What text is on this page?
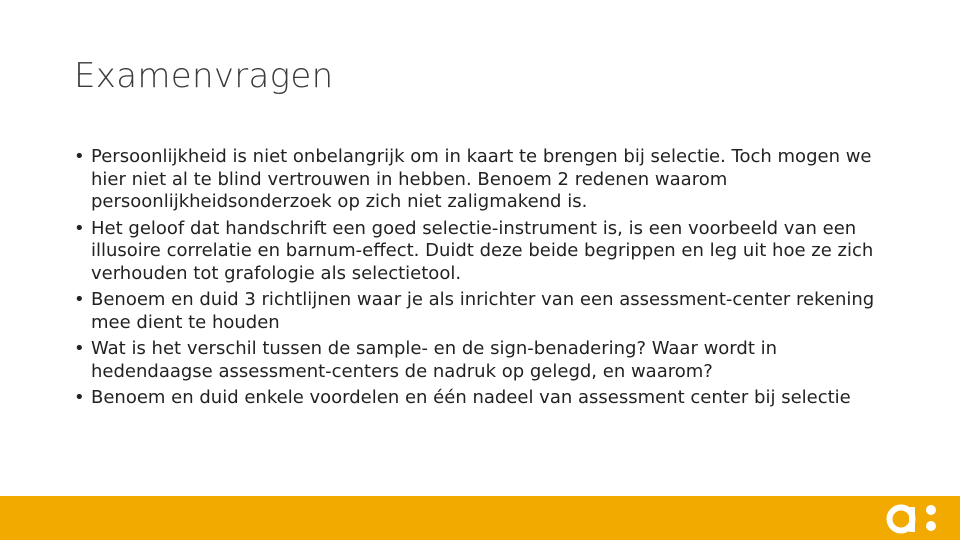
Examenvragen
• Persoonlijkheid is niet onbelangrijk om in kaart te brengen bij selectie. Toch mogen we hier niet al te blind vertrouwen in hebben. Benoem 2 redenen waarom persoonlijkheidsonderzoek op zich niet zaligmakend is.
• Het geloof dat handschrift een goed selectie-instrument is, is een voorbeeld van een illusoire correlatie en barnum-effect. Duidt deze beide begrippen en leg uit hoe ze zich verhouden tot grafologie als selectietool.
• Benoem en duid 3 richtlijnen waar je als inrichter van een assessment-center rekening mee dient te houden
• Wat is het verschil tussen de sample- en de sign-benadering? Waar wordt in hedendaagse assessment-centers de nadruk op gelegd, en waarom?
• Benoem en duid enkele voordelen en één nadeel van assessment center bij selectie
